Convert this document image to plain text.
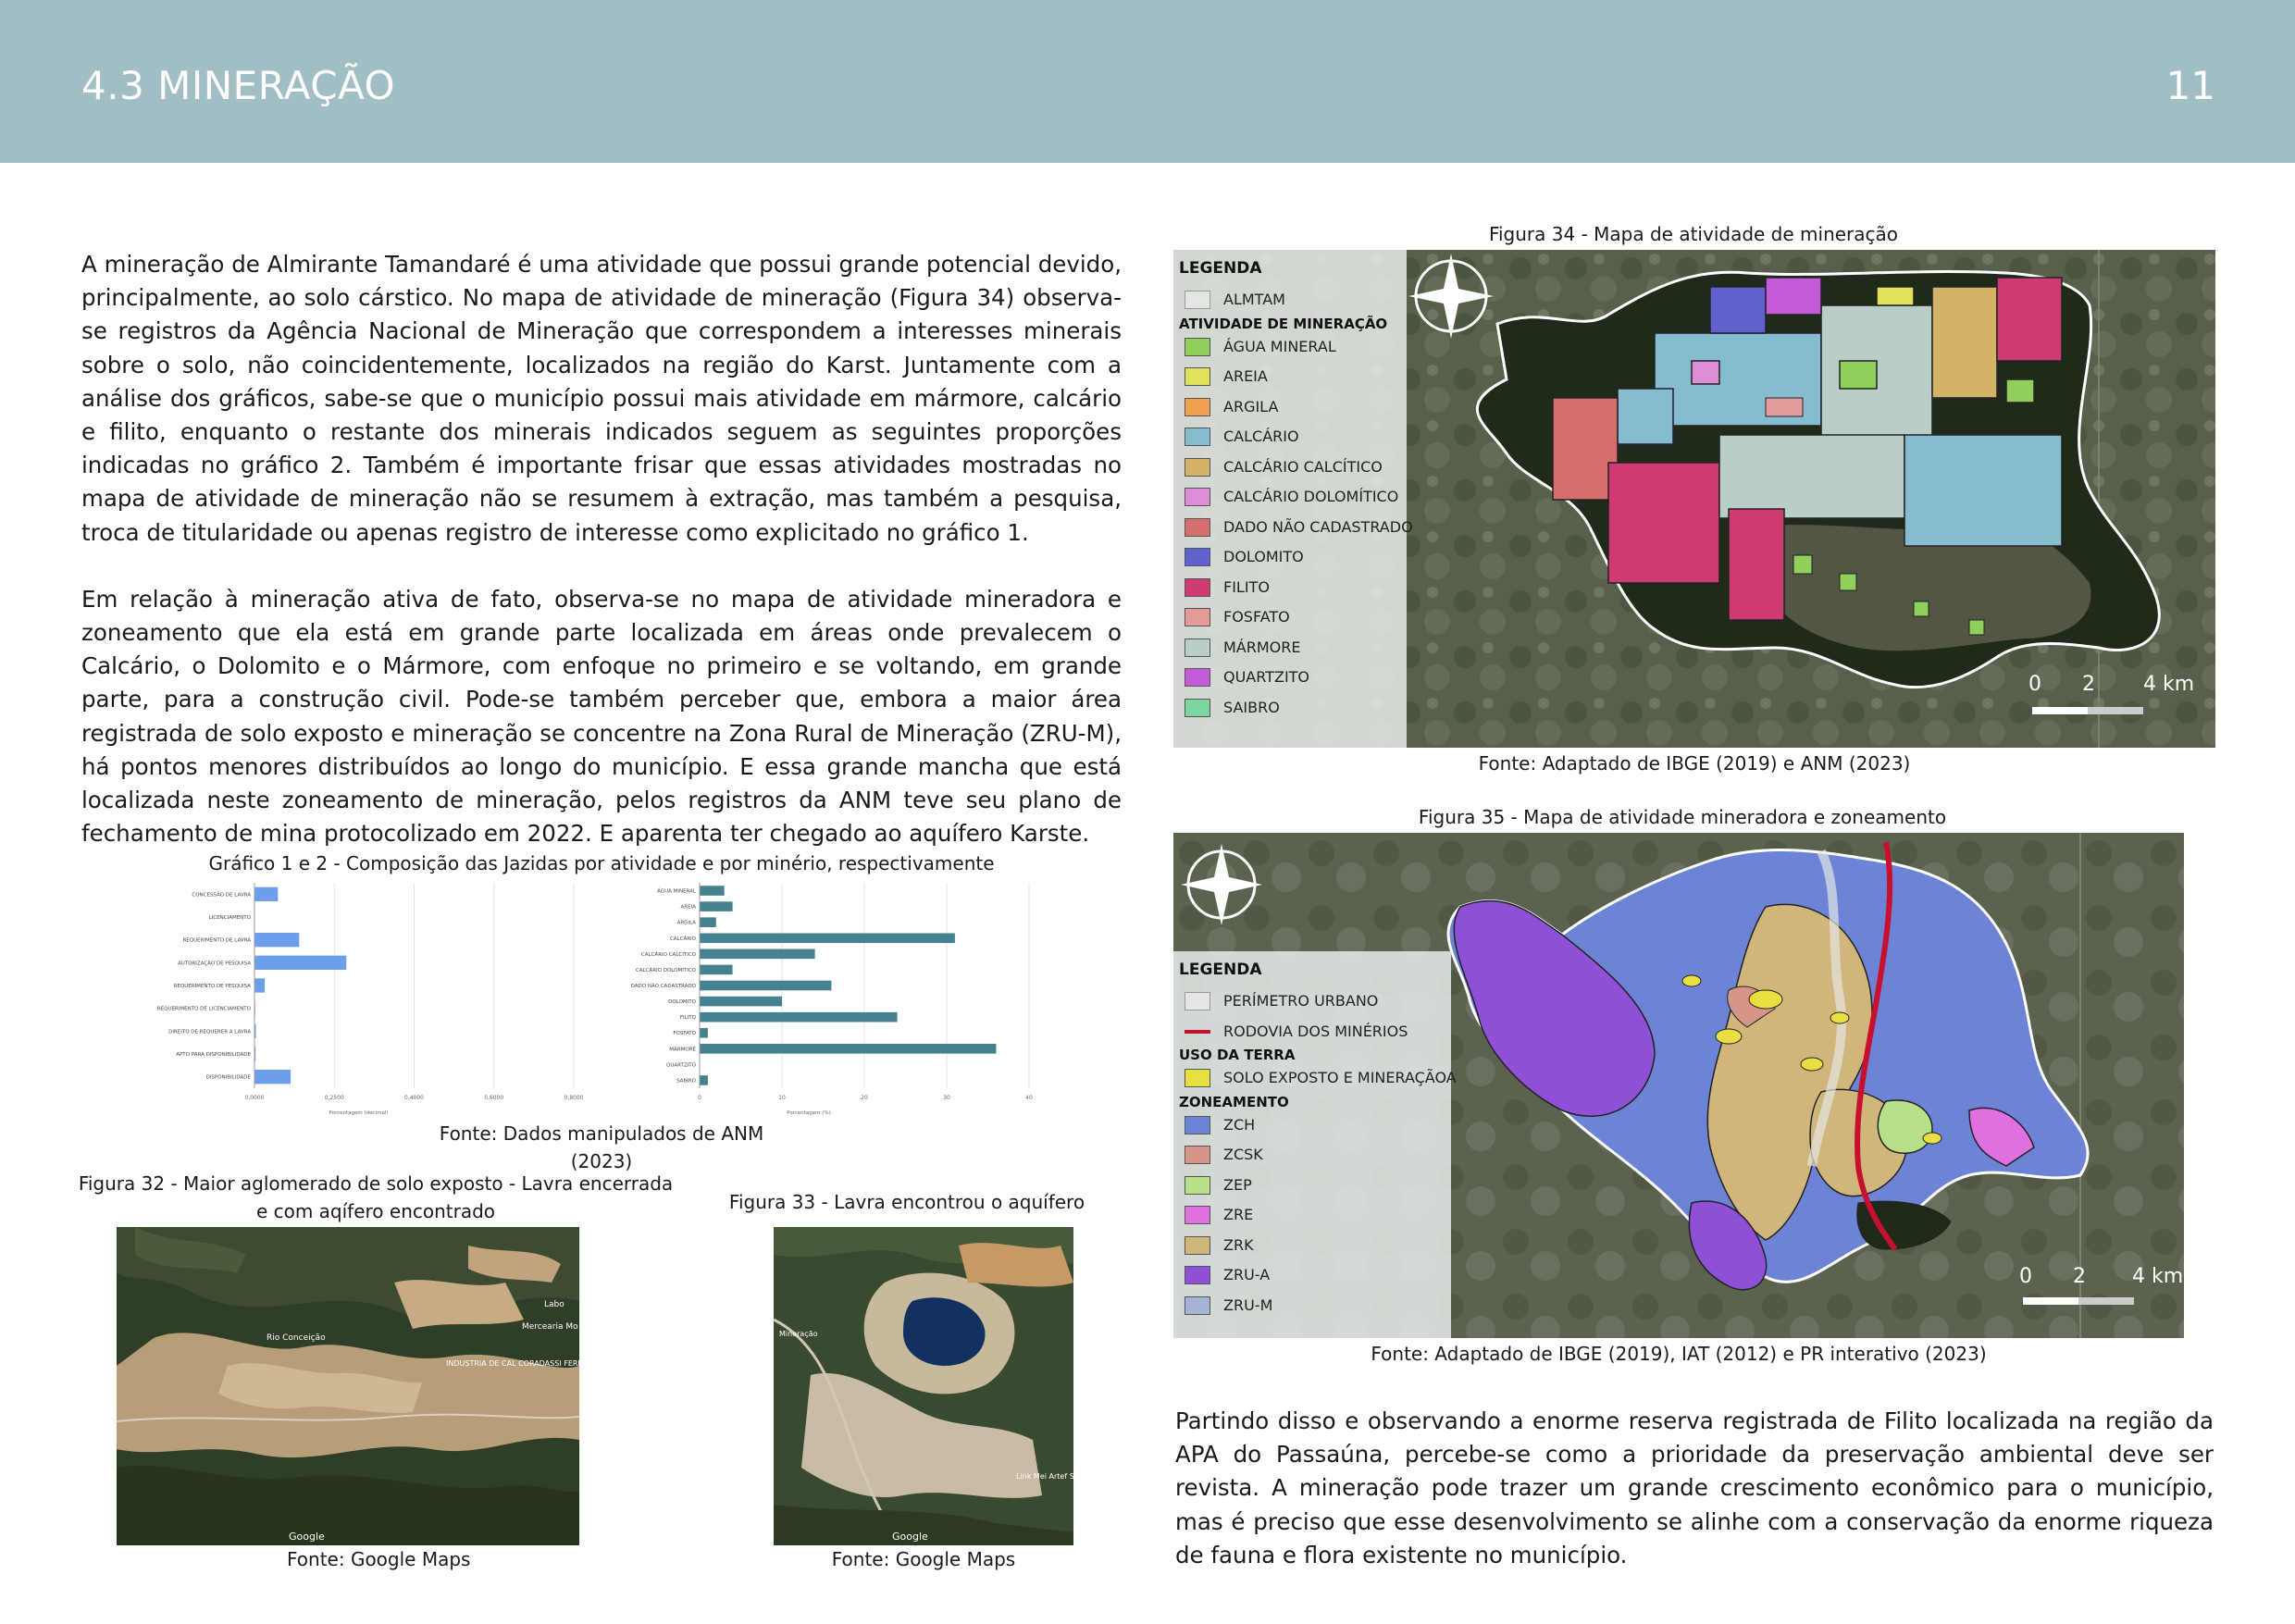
4.3 MINERAÇÃO	11

A mineração de Almirante Tamandaré é uma atividade que possui grande potencial devido, principalmente, ao solo cárstico. No mapa de atividade de mineração (Figura 34) observa-se registros da Agência Nacional de Mineração que correspondem a interesses minerais sobre o solo, não coincidentemente, localizados na região do Karst. Juntamente com a análise dos gráficos, sabe-se que o município possui mais atividade em mármore, calcário e filito, enquanto o restante dos minerais indicados seguem as seguintes proporções indicadas no gráfico 2. Também é importante frisar que essas atividades mostradas no mapa de atividade de mineração não se resumem à extração, mas também a pesquisa, troca de titularidade ou apenas registro de interesse como explicitado no gráfico 1.

Em relação à mineração ativa de fato, observa-se no mapa de atividade mineradora e zoneamento que ela está em grande parte localizada em áreas onde prevalecem o Calcário, o Dolomito e o Mármore, com enfoque no primeiro e se voltando, em grande parte, para a construção civil. Pode-se também perceber que, embora a maior área registrada de solo exposto e mineração se concentre na Zona Rural de Mineração (ZRU-M), há pontos menores distribuídos ao longo do município. E essa grande mancha que está localizada neste zoneamento de mineração, pelos registros da ANM teve seu plano de fechamento de mina protocolizado em 2022. E aparenta ter chegado ao aquífero Karste.

Gráfico 1 e 2 - Composição das Jazidas por atividade e por minério, respectivamente
0,0000	0,2500	0,4000	0,6000	0,8000
Porcentagem (decimal)
CONCESSÃO DE LAVRA
LICENCIAMENTO
REQUERIMENTO DE LAVRA
AUTORIZAÇÃO DE PESQUISA
REQUERIMENTO DE PESQUISA
REQUERIMENTO DE LICENCIAMENTO
DIREITO DE REQUERER A LAVRA
APTO PARA DISPONIBILIDADE
DISPONIBILIDADE
0	10	20	30	40
Porcentagem (%)
ÁGUA MINERAL
AREIA
ARGILA
CALCÁRIO
CALCÁRIO CALCÍTICO
CALCÁRIO DOLOMÍTICO
DADO NÃO CADASTRADO
DOLOMITO
FILITO
FOSFATO
MÁRMORE
QUARTZITO
SAIBRO
Fonte: Dados manipulados de ANM
(2023)
Figura 32 - Maior aglomerado de solo exposto - Lavra encerrada
e com aqífero encontrado
Labo
Mercearia Mo
Rio Conceição
INDUSTRIA DE CAL CORADASSI FERREIRA
Google
Fonte: Google Maps
Figura 33 - Lavra encontrou o aquífero
Mineração
Link Mei Artef Sema
Google
Fonte: Google Maps
Figura 34 - Mapa de atividade de mineração
0 2 4 km
LEGENDA
ALMTAM
ATIVIDADE DE MINERAÇÃO
ÁGUA MINERAL
AREIA
ARGILA
CALCÁRIO
CALCÁRIO CALCÍTICO
CALCÁRIO DOLOMÍTICO
DADO NÃO CADASTRADO
DOLOMITO
FILITO
FOSFATO
MÁRMORE
QUARTZITO
SAIBRO
Fonte: Adaptado de IBGE (2019) e ANM (2023)
Figura 35 - Mapa de atividade mineradora e zoneamento
0 2 4 km
LEGENDA
PERÍMETRO URBANO
RODOVIA DOS MINÉRIOS
USO DA TERRA
SOLO EXPOSTO E MINERAÇÃOA
ZONEAMENTO
ZCH
ZCSK
ZEP
ZRE
ZRK
ZRU-A
ZRU-M
Fonte: Adaptado de IBGE (2019), IAT (2012) e PR interativo (2023)
Partindo disso e observando a enorme reserva registrada de Filito localizada na região da APA do Passaúna, percebe-se como a prioridade da preservação ambiental deve ser revista. A mineração pode trazer um grande crescimento econômico para o município, mas é preciso que esse desenvolvimento se alinhe com a conservação da enorme riqueza de fauna e flora existente no município.
